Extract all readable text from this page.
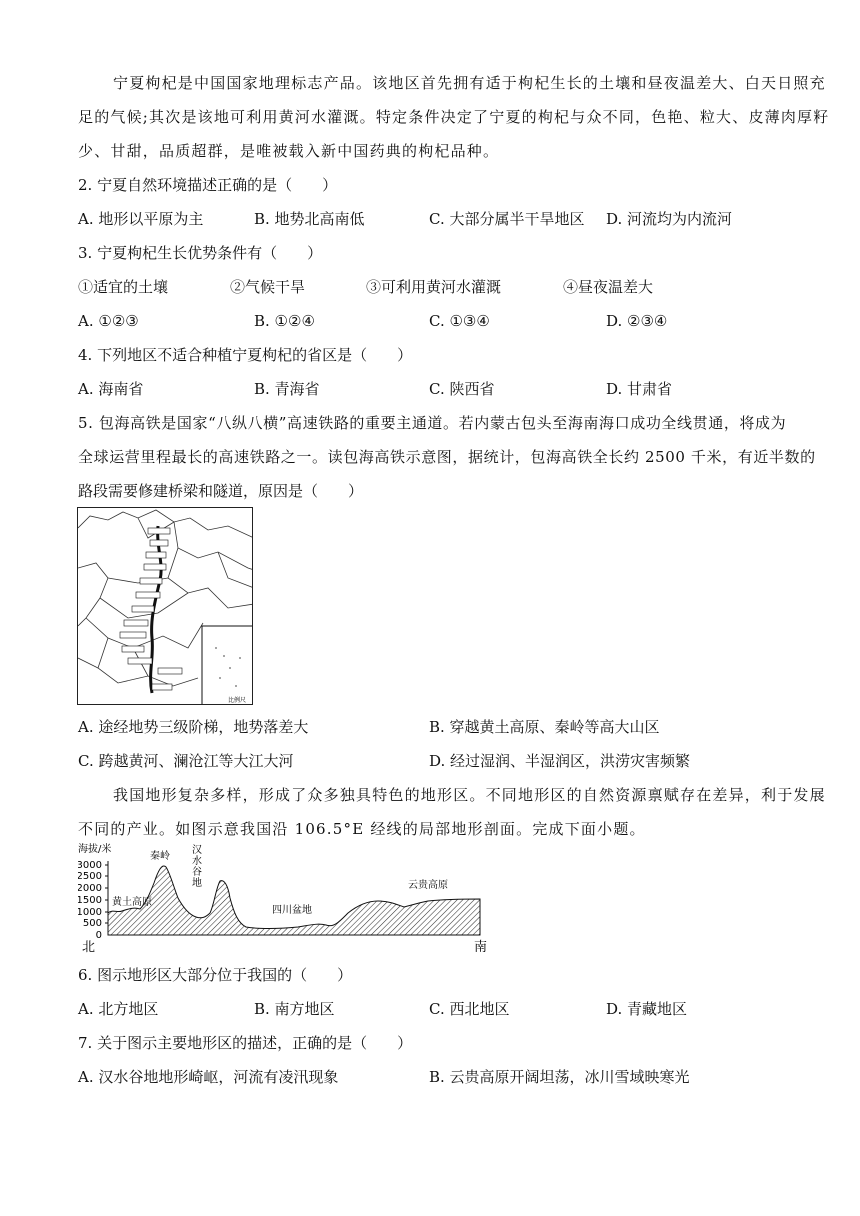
宁夏枸杞是中国国家地理标志产品。该地区首先拥有适于枸杞生长的土壤和昼夜温差大、白天日照充
足的气候;其次是该地可利用黄河水灌溉。特定条件决定了宁夏的枸杞与众不同，色艳、粒大、皮薄肉厚籽
少、甘甜，品质超群，是唯被载入新中国药典的枸杞品种。
2. 宁夏自然环境描述正确的是（　　）
A. 地形以平原为主	B. 地势北高南低	C. 大部分属半干旱地区 D. 河流均为内流河
3. 宁夏枸杞生长优势条件有（　　）
①适宜的土壤	②气候干旱	③可利用黄河水灌溉	④昼夜温差大
A. ①②③	B. ①②④	C. ①③④	D. ②③④
4. 下列地区不适合种植宁夏枸杞的省区是（　　）
A. 海南省	B. 青海省	C. 陕西省	D. 甘肃省
5. 包海高铁是国家“八纵八横”高速铁路的重要主通道。若内蒙古包头至海南海口成功全线贯通，将成为
全球运营里程最长的高速铁路之一。读包海高铁示意图，据统计，包海高铁全长约 2500 千米，有近半数的
路段需要修建桥梁和隧道，原因是（　　）
比例尺
A. 途经地势三级阶梯，地势落差大	B. 穿越黄土高原、秦岭等高大山区
C. 跨越黄河、澜沧江等大江大河	D. 经过湿润、半湿润区，洪涝灾害频繁
我国地形复杂多样，形成了众多独具特色的地形区。不同地形区的自然资源禀赋存在差异，利于发展
不同的产业。如图示意我国沿 106.5°E 经线的局部地形剖面。完成下面小题。
海拔/米
3000
2500
2000
1500
1000
500
0
秦岭
汉
水
谷
地
黄土高原
四川盆地
云贵高原
北	南
6. 图示地形区大部分位于我国的（　　）
A. 北方地区	B. 南方地区	C. 西北地区	D. 青藏地区
7. 关于图示主要地形区的描述，正确的是（　　）
A. 汉水谷地地形崎岖，河流有凌汛现象	B. 云贵高原开阔坦荡，冰川雪域映寒光
